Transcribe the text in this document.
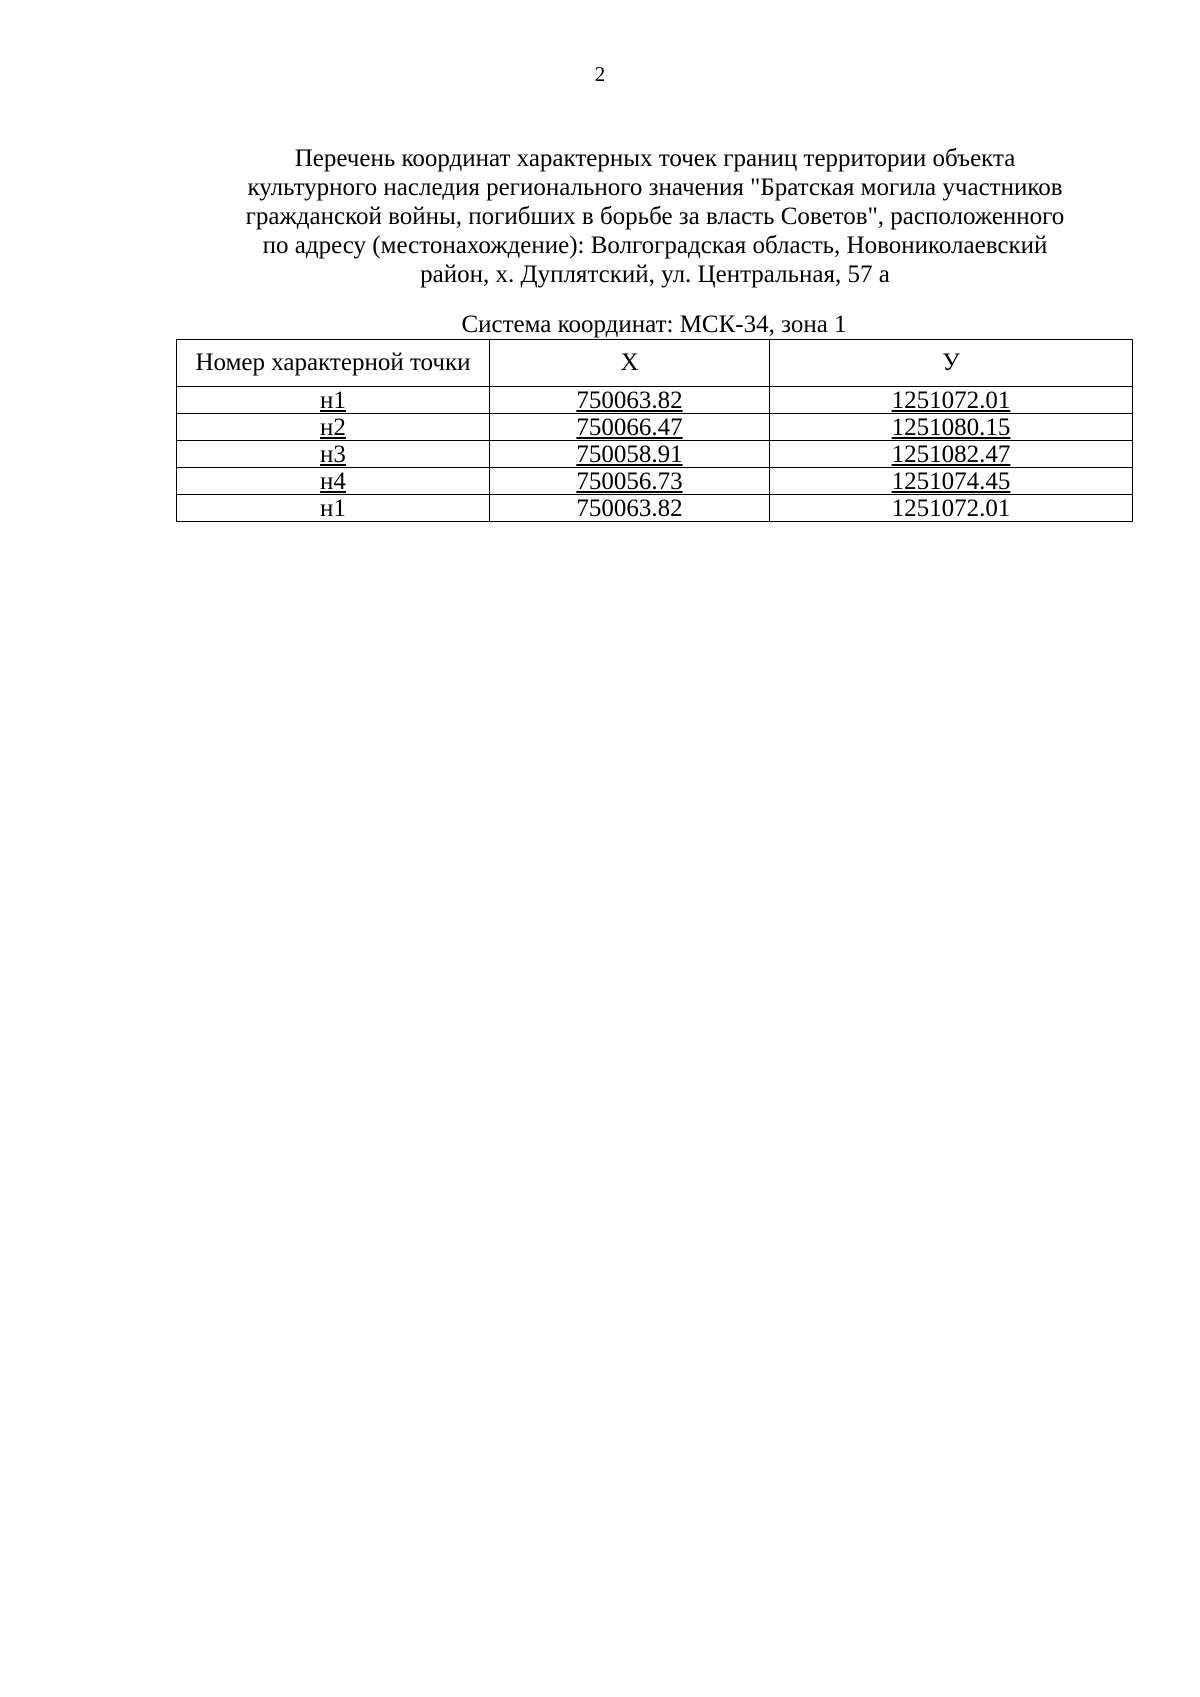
2
Перечень координат характерных точек границ территории объекта
культурного наследия регионального значения "Братская могила участников
гражданской войны, погибших в борьбе за власть Советов", расположенного
по адресу (местонахождение): Волгоградская область, Новониколаевский
район, х. Дуплятский, ул. Центральная, 57 а
Система координат: МСК-34, зона 1
Номер характерной точки	X	У
н1	750063.82	1251072.01
н2	750066.47	1251080.15
н3	750058.91	1251082.47
н4	750056.73	1251074.45
н1	750063.82	1251072.01
